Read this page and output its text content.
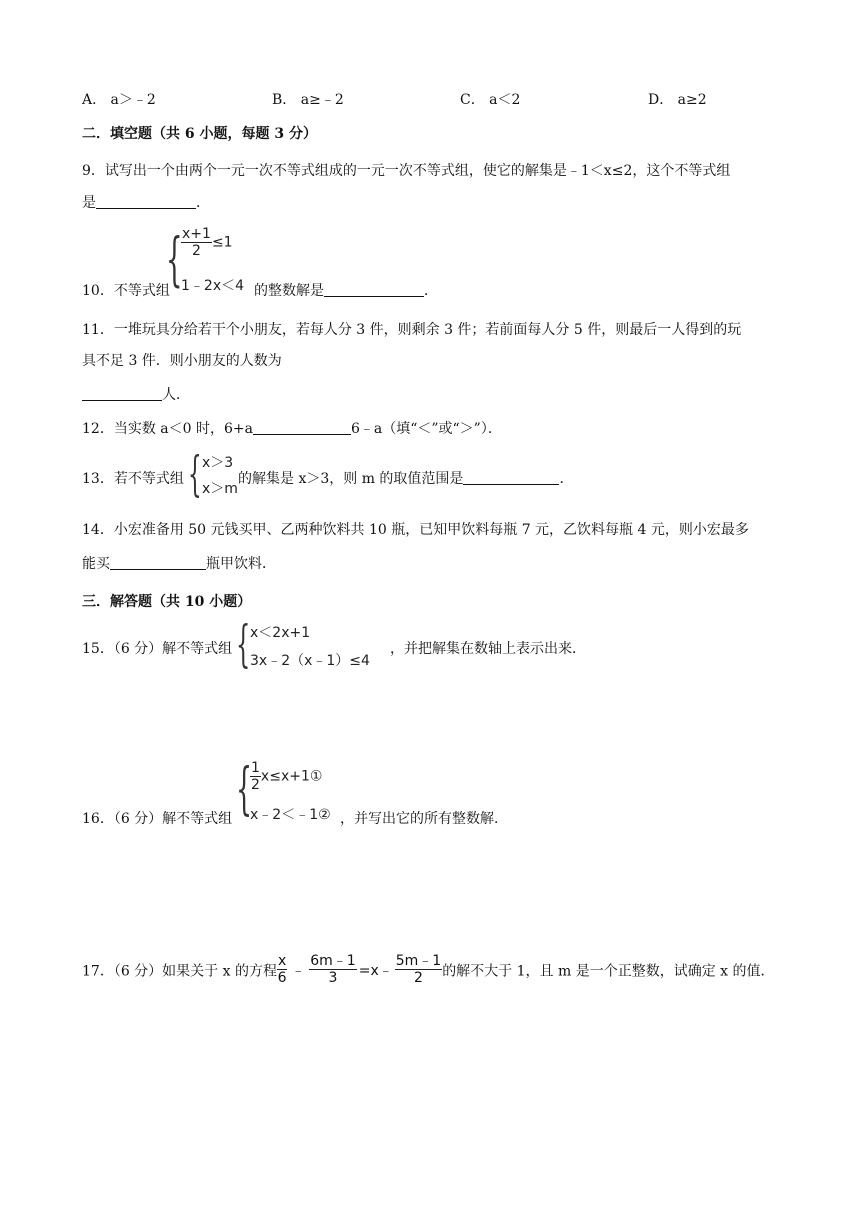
A． a＞﹣2	B． a≥﹣2	C． a＜2	D． a≥2
二．填空题（共 6 小题，每题 3 分）
9．试写出一个由两个一元一次不等式组成的一元一次不等式组，使它的解集是﹣1＜x≤2，这个不等式组
是	．
10．不等式组
{
$\frac{x+1}{2} \le 1$
1﹣2x＜4 的整数解是	．
11．一堆玩具分给若干个小朋友，若每人分 3 件，则剩余 3 件；若前面每人分 5 件，则最后一人得到的玩
具不足 3 件．则小朋友的人数为
人．
12．当实数 a＜0 时，6+a	6﹣a（填“＜”或“＞”）．
13．若不等式组 { x＞3
x＞m
的解集是 x＞3，则 m 的取值范围是	．
14．小宏准备用 50 元钱买甲、乙两种饮料共 10 瓶，已知甲饮料每瓶 7 元，乙饮料每瓶 4 元，则小宏最多
能买	瓶甲饮料．
三．解答题（共 10 小题）
15．（6 分）解不等式组 { x＜2x+1
3x﹣2（x﹣1）≤4
，并把解集在数轴上表示出来．
16．（6 分）解不等式组 {
$\frac{1}{2}$ x≤x+1①
x﹣2＜﹣1② ，并写出它的所有整数解．
17．（6 分）如果关于 x 的方程 $\frac{x}{6}$ ﹣ $\frac{6m﹣1}{3}$ =x﹣ $\frac{5m﹣1}{2}$ 的解不大于 1，且 m 是一个正整数，试确定 x 的值．
